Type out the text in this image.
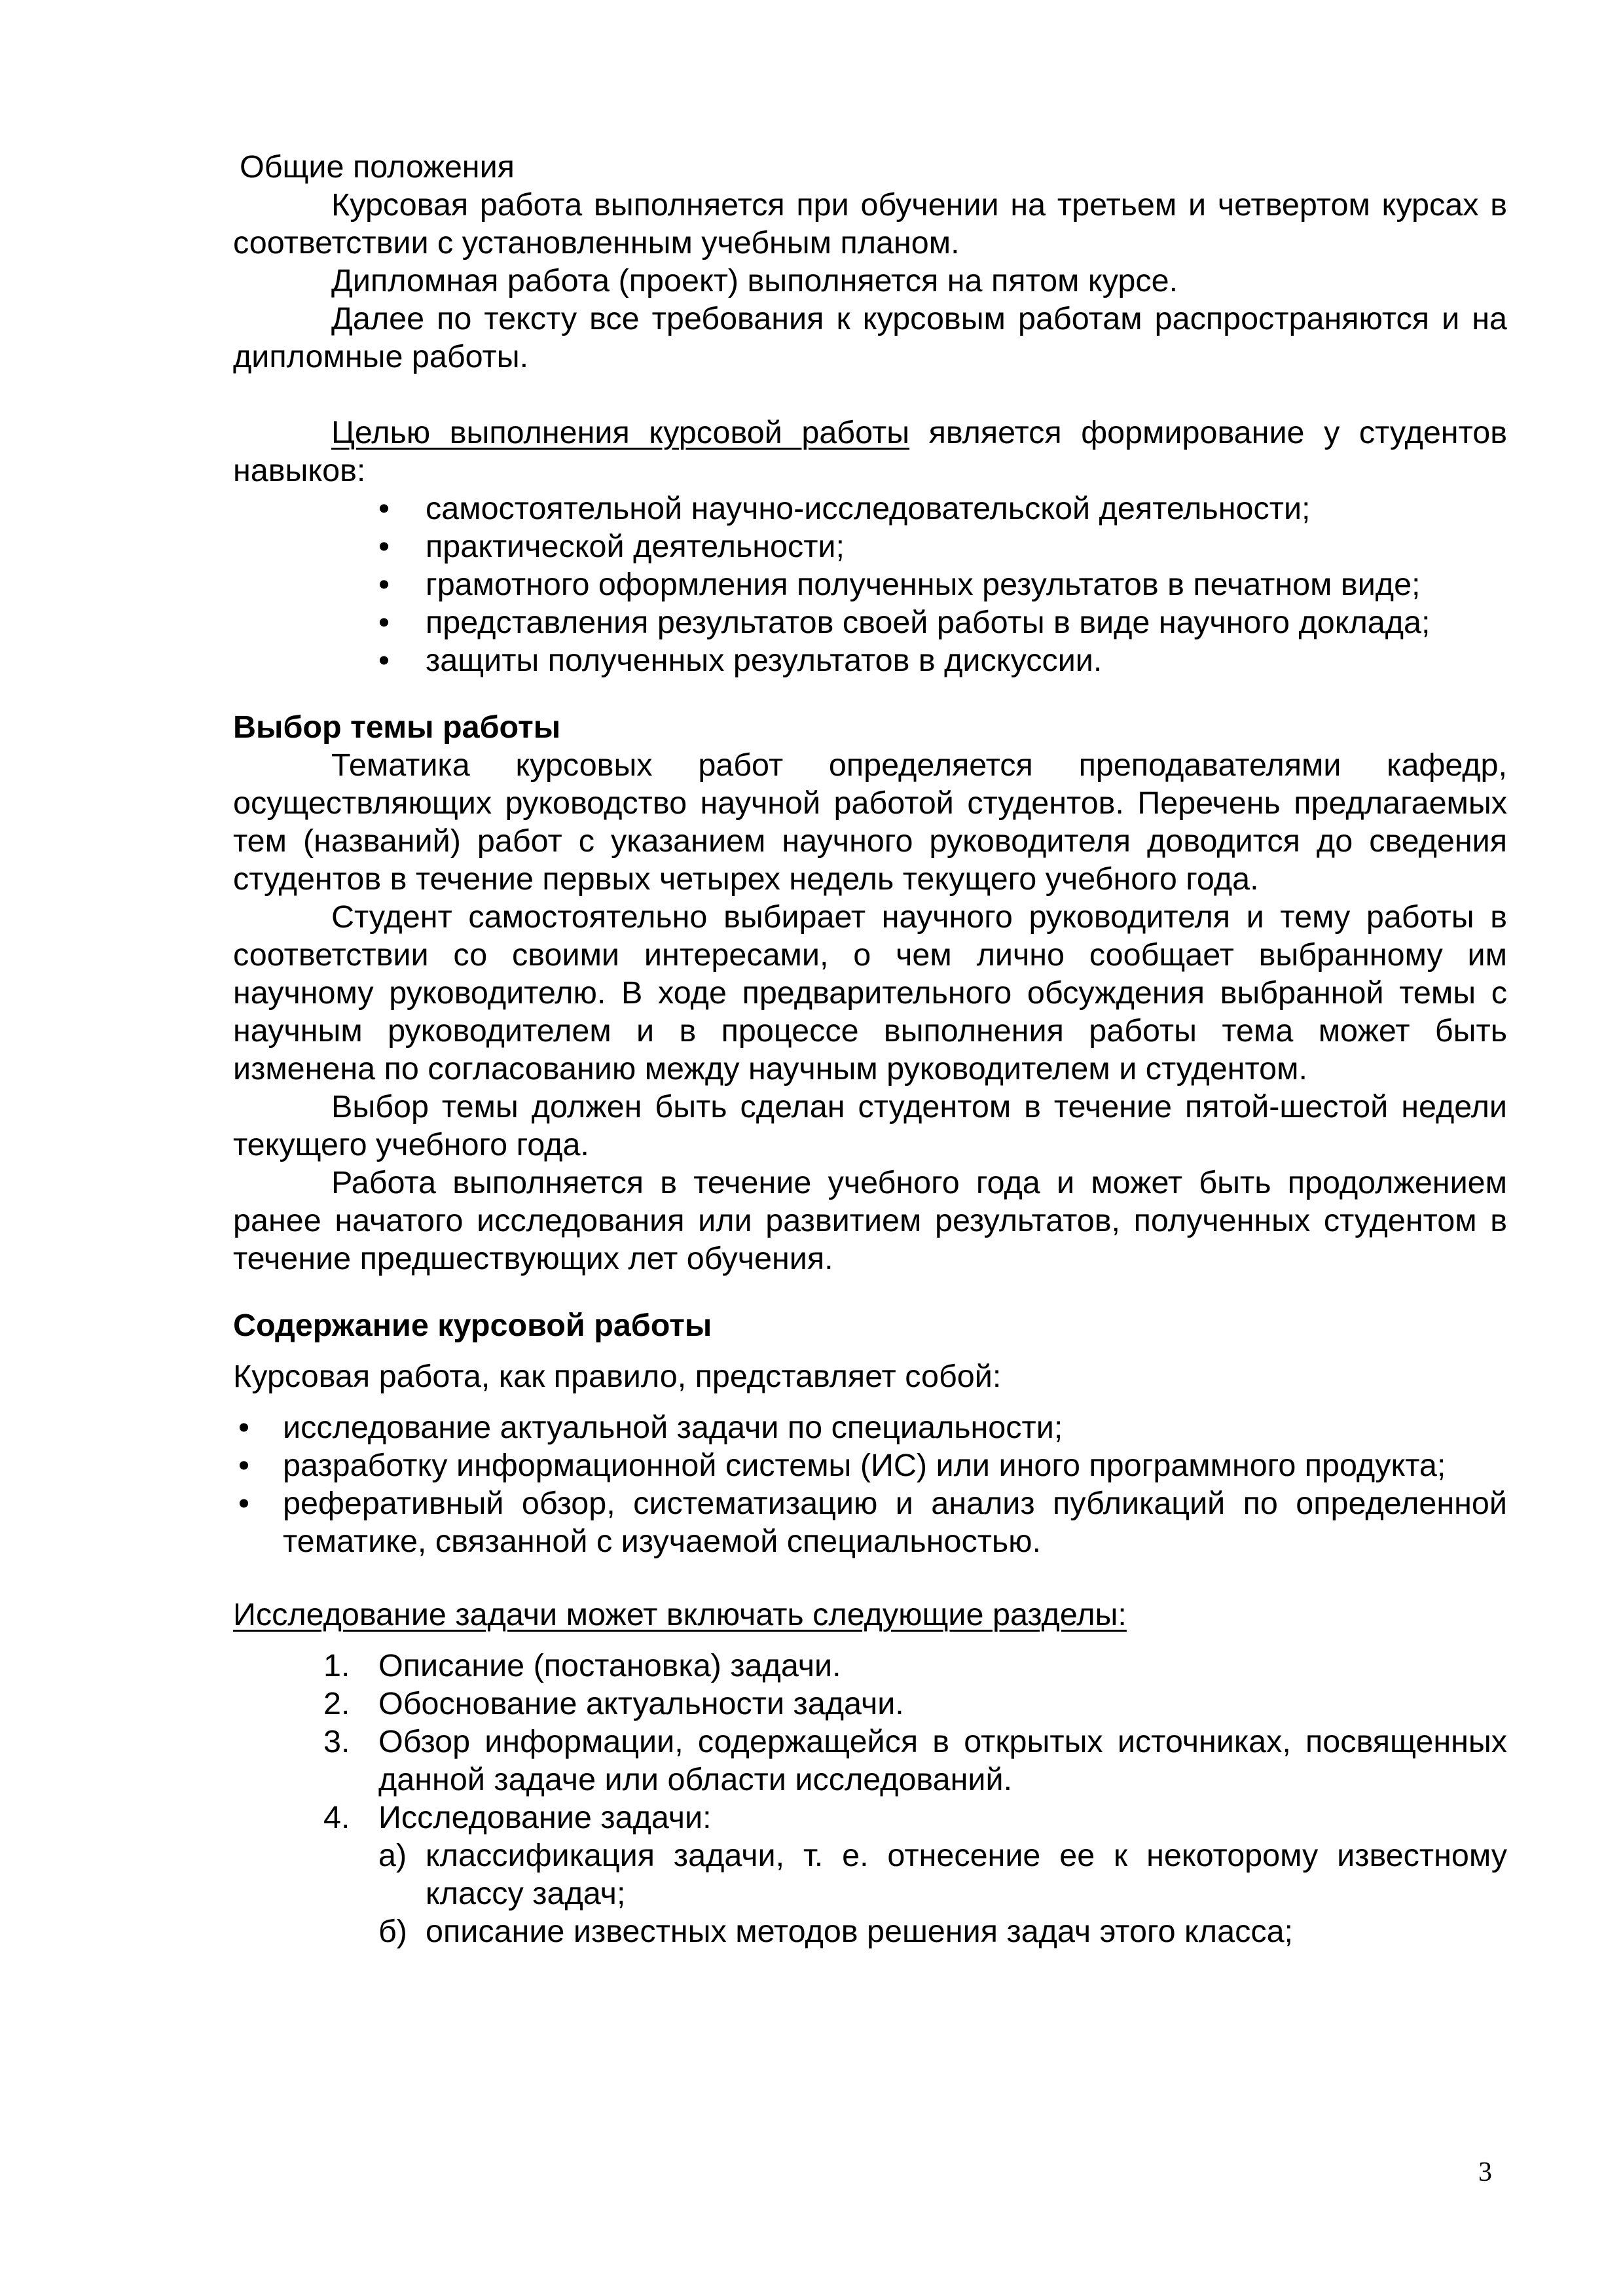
Общие положения

Курсовая работа выполняется при обучении на третьем и четвертом курсах в соответствии с установленным учебным планом.

Дипломная работа (проект) выполняется на пятом курсе.

Далее по тексту все требования к курсовым работам распространяются и на дипломные работы.

Целью выполнения курсовой работы является формирование у студентов навыков:

• самостоятельной научно-исследовательской деятельности;
• практической деятельности;
• грамотного оформления полученных результатов в печатном виде;
• представления результатов своей работы в виде научного доклада;
• защиты полученных результатов в дискуссии.
Выбор темы работы

Тематика курсовых работ определяется преподавателями кафедр, осуществляющих руководство научной работой студентов. Перечень предлагаемых тем (названий) работ с указанием научного руководителя доводится до сведения студентов в течение первых четырех недель текущего учебного года.

Студент самостоятельно выбирает научного руководителя и тему работы в соответствии со своими интересами, о чем лично сообщает выбранному им научному руководителю. В ходе предварительного обсуждения выбранной темы с научным руководителем и в процессе выполнения работы тема может быть изменена по согласованию между научным руководителем и студентом.

Выбор темы должен быть сделан студентом в течение пятой-шестой недели текущего учебного года.

Работа выполняется в течение учебного года и может быть продолжением ранее начатого исследования или развитием результатов, полученных студентом в течение предшествующих лет обучения.

Содержание курсовой работы

Курсовая работа, как правило, представляет собой:

• исследование актуальной задачи по специальности;
• разработку информационной системы (ИС) или иного программного продукта;
• реферативный обзор, систематизацию и анализ публикаций по определенной тематике, связанной с изучаемой специальностью.

Исследование задачи может включать следующие разделы:

1. Описание (постановка) задачи.
2. Обоснование актуальности задачи.
3. Обзор информации, содержащейся в открытых источниках, посвященных данной задаче или области исследований.
4. Исследование задачи:
а) классификация задачи, т. е. отнесение ее к некоторому известному классу задач;
б) описание известных методов решения задач этого класса;
3
